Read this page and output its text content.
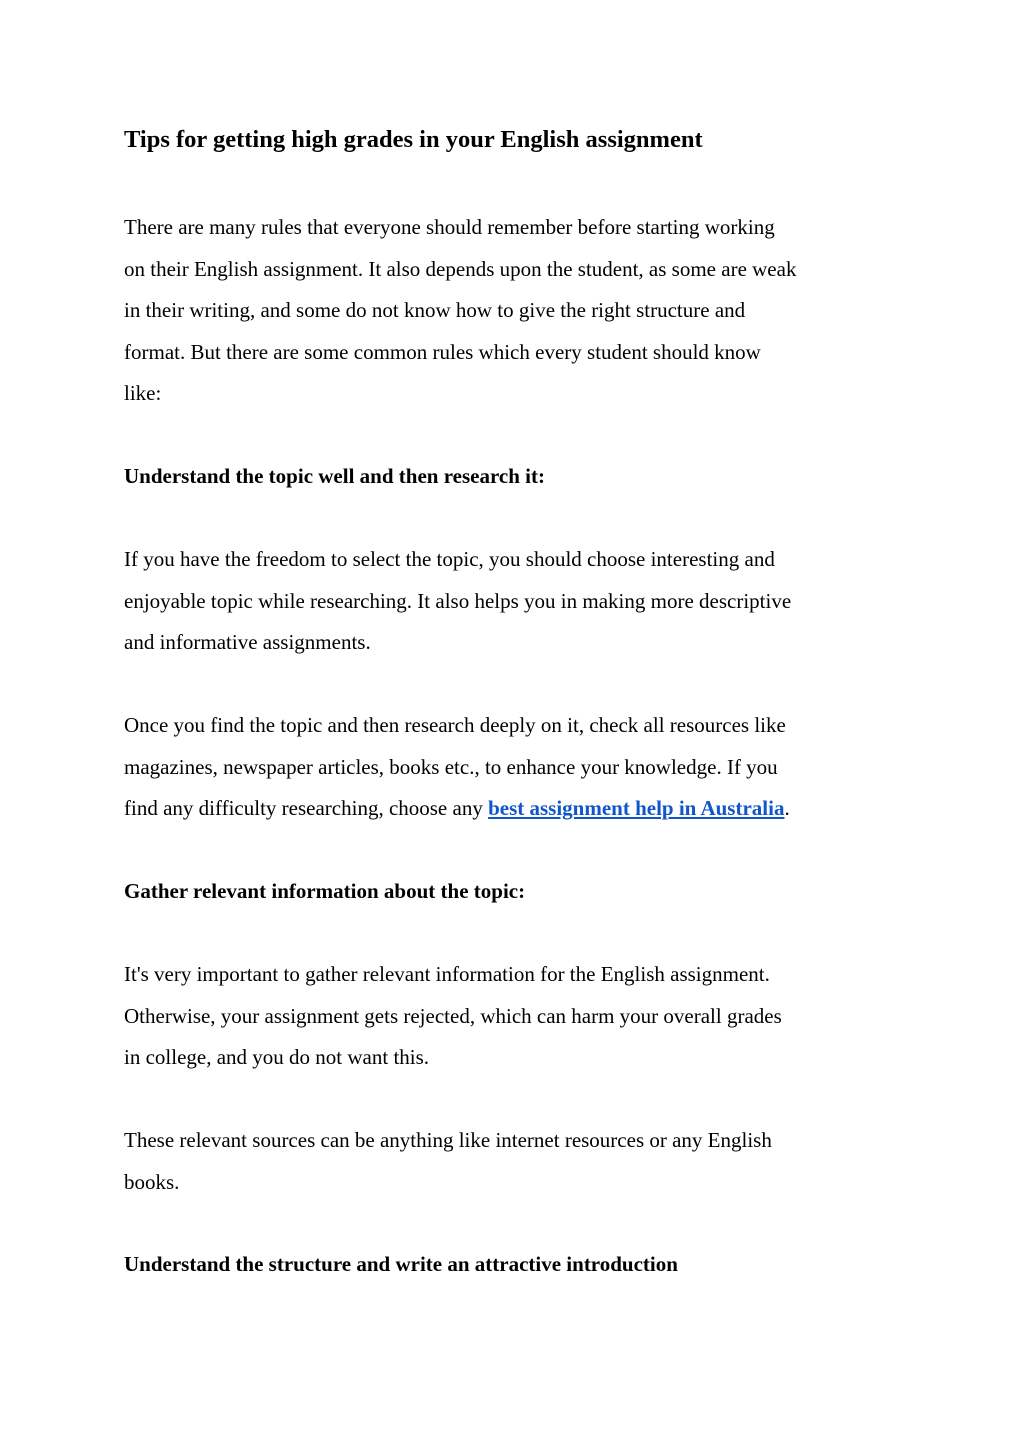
Tips for getting high grades in your English assignment

There are many rules that everyone should remember before starting working
on their English assignment. It also depends upon the student, as some are weak
in their writing, and some do not know how to give the right structure and
format. But there are some common rules which every student should know
like:

Understand the topic well and then research it:

If you have the freedom to select the topic, you should choose interesting and
enjoyable topic while researching. It also helps you in making more descriptive
and informative assignments.

Once you find the topic and then research deeply on it, check all resources like
magazines, newspaper articles, books etc., to enhance your knowledge. If you
find any difficulty researching, choose any best assignment help in Australia.

Gather relevant information about the topic:

It's very important to gather relevant information for the English assignment.
Otherwise, your assignment gets rejected, which can harm your overall grades
in college, and you do not want this.

These relevant sources can be anything like internet resources or any English
books.

Understand the structure and write an attractive introduction
